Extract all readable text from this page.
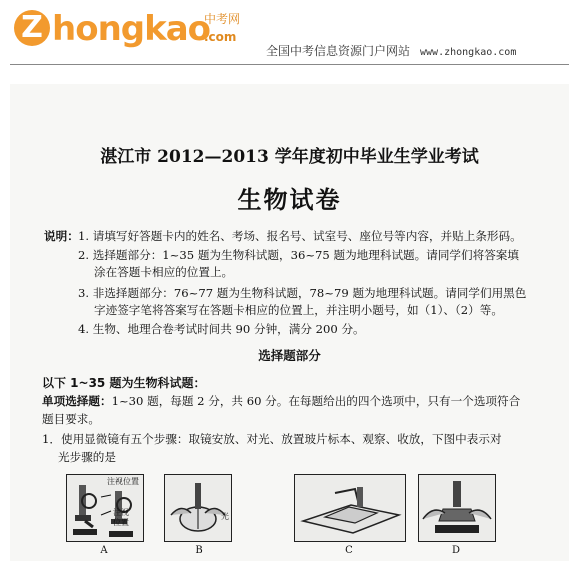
Z hongkao
中考网
.com
全国中考信息资源门户网站 www.zhongkao.com
湛江市 2012—2013 学年度初中毕业生学业考试
生物试卷
说明： 1. 请填写好答题卡内的姓名、考场、报名号、试室号、座位号等内容，并贴上条形码。
2. 选择题部分：1~35 题为生物科试题，36~75 题为地理科试题。请同学们将答案填
涂在答题卡相应的位置上。
3. 非选择题部分：76~77 题为生物科试题，78~79 题为地理科试题。请同学们用黑色
字迹签字笔将答案写在答题卡相应的位置上，并注明小题号，如（1）、（2）等。
4. 生物、地理合卷考试时间共 90 分钟，满分 200 分。
选择题部分
以下 1~35 题为生物科试题：
单项选择题：1~30 题，每题 2 分，共 60 分。在每题给出的四个选项中，只有一个选项符合
题目要求。
1．使用显微镜有五个步骤：取镜安放、对光、放置玻片标本、观察、收放，下图中表示对
光步骤的是
注视位置
注视
位置
A
光
B	C	D
